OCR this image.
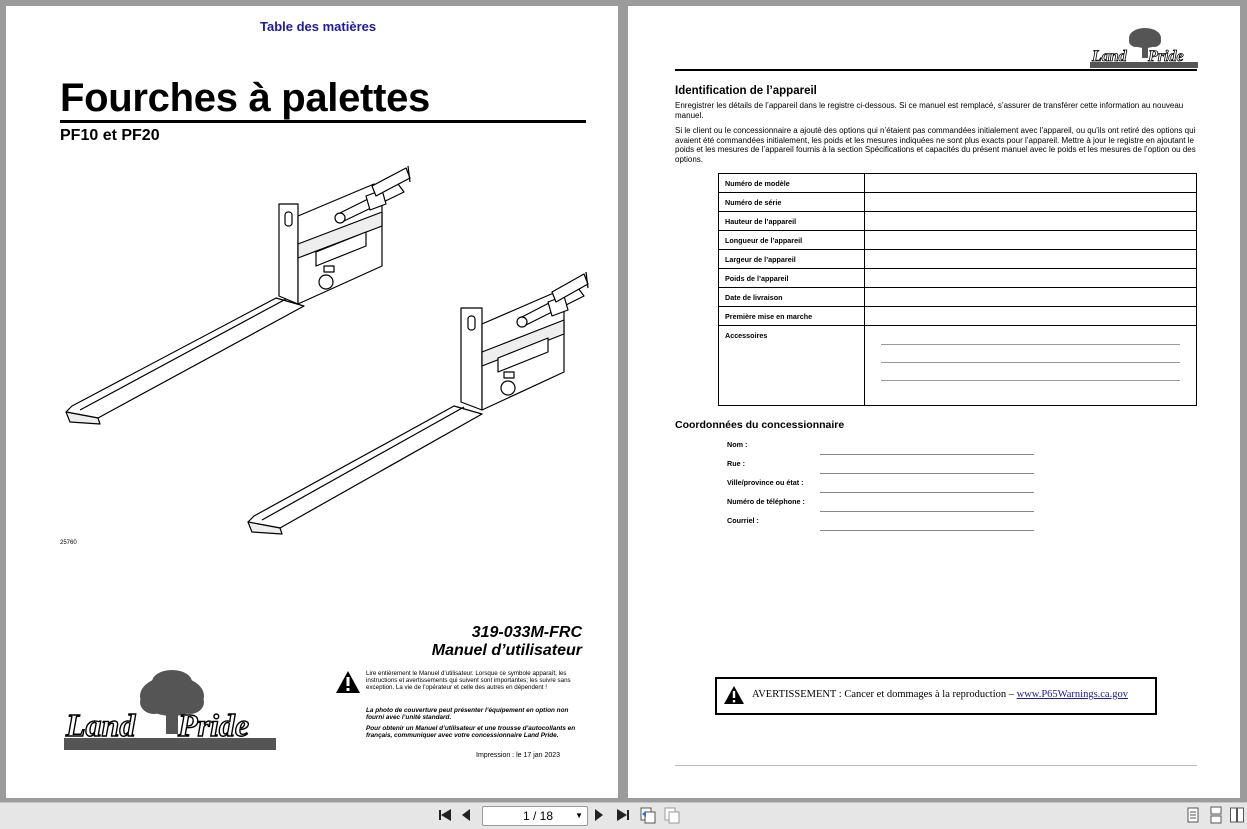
Table des matières
Fourches à palettes
PF10 et PF20
25760
319-033M-FRC
Manuel d’utilisateur
Lire entièrement le Manuel d’utilisateur. Lorsque ce symbole apparaît, les instructions et avertissements qui suivent sont importantes; les suivre sans exception. La vie de l’opérateur et celle des autres en dépendent !
La photo de couverture peut présenter l’équipement en option non fourni avec l’unité standard.
Pour obtenir un Manuel d’utilisateur et une trousse d’autocollants en français, communiquer avec votre concessionnaire Land Pride.
Impression : le 17 jan 2023
Land Pride
Land Pride
Identification de l’appareil
Enregistrer les détails de l’appareil dans le registre ci-dessous. Si ce manuel est remplacé, s’assurer de transférer cette information au nouveau manuel.
Si le client ou le concessionnaire a ajouté des options qui n’étaient pas commandées initialement avec l’appareil, ou qu’ils ont retiré des options qui avaient été commandées initialement, les poids et les mesures indiquées ne sont plus exacts pour l’appareil. Mettre à jour le registre en ajoutant le poids et les mesures de l’appareil fournis à la section Spécifications et capacités du présent manuel avec le poids et les mesures de l’option ou des options.
Numéro de modèle	
Numéro de série	
Hauteur de l’appareil	
Longueur de l’appareil	
Largeur de l’appareil	
Poids de l’appareil	
Date de livraison	
Première mise en marche	
Accessoires	
Coordonnées du concessionnaire
Nom :
Rue :
Ville/province ou état :
Numéro de téléphone :
Courriel :
AVERTISSEMENT : Cancer et dommages à la reproduction – www.P65Warnings.ca.gov
1 / 18	▼
